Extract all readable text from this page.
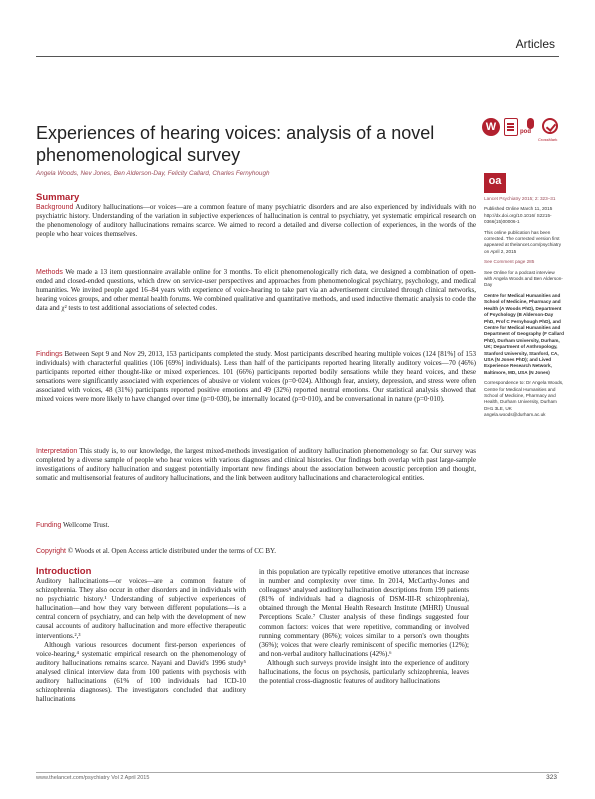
Articles
Experiences of hearing voices: analysis of a novel phenomenological survey
Angela Woods, Nev Jones, Ben Alderson-Day, Felicity Callard, Charles Fernyhough
W	pod
CrossMark
oa
Summary

Background Auditory hallucinations—or voices—are a common feature of many psychiatric disorders and are also experienced by individuals with no psychiatric history. Understanding of the variation in subjective experiences of hallucination is central to psychiatry, yet systematic empirical research on the phenomenology of auditory hallucinations remains scarce. We aimed to record a detailed and diverse collection of experiences, in the words of the people who hear voices themselves.

Methods We made a 13 item questionnaire available online for 3 months. To elicit phenomenologically rich data, we designed a combination of open-ended and closed-ended questions, which drew on service-user perspectives and approaches from phenomenological psychiatry, psychology, and medical humanities. We invited people aged 16–84 years with experience of voice-hearing to take part via an advertisement circulated through clinical networks, hearing voices groups, and other mental health forums. We combined qualitative and quantitative methods, and used inductive thematic analysis to code the data and χ² tests to test additional associations of selected codes.

Findings Between Sept 9 and Nov 29, 2013, 153 participants completed the study. Most participants described hearing multiple voices (124 [81%] of 153 individuals) with characterful qualities (106 [69%] individuals). Less than half of the participants reported hearing literally auditory voices—70 (46%) participants reported either thought-like or mixed experiences. 101 (66%) participants reported bodily sensations while they heard voices, and these sensations were significantly associated with experiences of abusive or violent voices (p=0·024). Although fear, anxiety, depression, and stress were often associated with voices, 48 (31%) participants reported positive emotions and 49 (32%) reported neutral emotions. Our statistical analysis showed that mixed voices were more likely to have changed over time (p=0·030), be internally located (p=0·010), and be conversational in nature (p=0·010).

Interpretation This study is, to our knowledge, the largest mixed-methods investigation of auditory hallucination phenomenology so far. Our survey was completed by a diverse sample of people who hear voices with various diagnoses and clinical histories. Our findings both overlap with past large-sample investigations of auditory hallucination and suggest potentially important new findings about the association between acoustic perception and thought, somatic and multisensorial features of auditory hallucinations, and the link between auditory hallucinations and characterological entities.

Funding Wellcome Trust.

Copyright © Woods et al. Open Access article distributed under the terms of CC BY.

Lancet Psychiatry 2015; 2: 323–31

Published Online March 11, 2015 http://dx.doi.org/10.1016/ S2215-0366(15)00006-1

This online publication has been corrected. The corrected version first appeared at thelancet.com/psychiatry on April 2, 2015

See Comment page 285

See Online for a podcast interview with Angela Woods and Ben Alderson-Day

Centre for Medical Humanities and School of Medicine, Pharmacy and Health (A Woods PhD), Department of Psychology (B Alderson-Day PhD, Prof C Fernyhough PhD), and Centre for Medical Humanities and Department of Geography (F Callard PhD), Durham University, Durham, UK; Department of Anthropology, Stanford University, Stanford, CA, USA (N Jones PhD); and Lived Experience Research Network, Baltimore, MD, USA (N Jones)

Correspondence to: Dr Angela Woods, Centre for Medical Humanities and School of Medicine, Pharmacy and Health, Durham University, Durham DH1 3LE, UK angela.woods@durham.ac.uk

Introduction

Auditory hallucinations—or voices—are a common feature of schizophrenia. They also occur in other disorders and in individuals with no psychiatric history.¹ Understanding of subjective experiences of hallucination—and how they vary between different populations—is a central concern of psychiatry, and can help with the development of new causal accounts of auditory hallucination and more effective therapeutic interventions.²,³

Although various resources document first-person experiences of voice-hearing,⁴ systematic empirical research on the phenomenology of auditory hallucinations remains scarce. Nayani and David's 1996 study⁵ analysed clinical interview data from 100 patients with psychosis with auditory hallucinations (61% of 100 individuals had ICD-10 schizophrenia diagnoses). The investigators concluded that auditory hallucinations

in this population are typically repetitive emotive utterances that increase in number and complexity over time. In 2014, McCarthy-Jones and colleagues⁶ analysed auditory hallucination descriptions from 199 patients (81% of individuals had a diagnosis of DSM-III-R schizophrenia), obtained through the Mental Health Research Institute (MHRI) Unusual Perceptions Scale.⁷ Cluster analysis of these findings suggested four common factors: voices that were repetitive, commanding or involved running commentary (86%); voices similar to a person's own thoughts (36%); voices that were clearly reminiscent of specific memories (12%); and non-verbal auditory hallucinations (42%).⁶

Although such surveys provide insight into the experience of auditory hallucinations, the focus on psychosis, particularly schizophrenia, leaves the potential cross-diagnostic features of auditory hallucinations

www.thelancet.com/psychiatry Vol 2 April 2015	323
